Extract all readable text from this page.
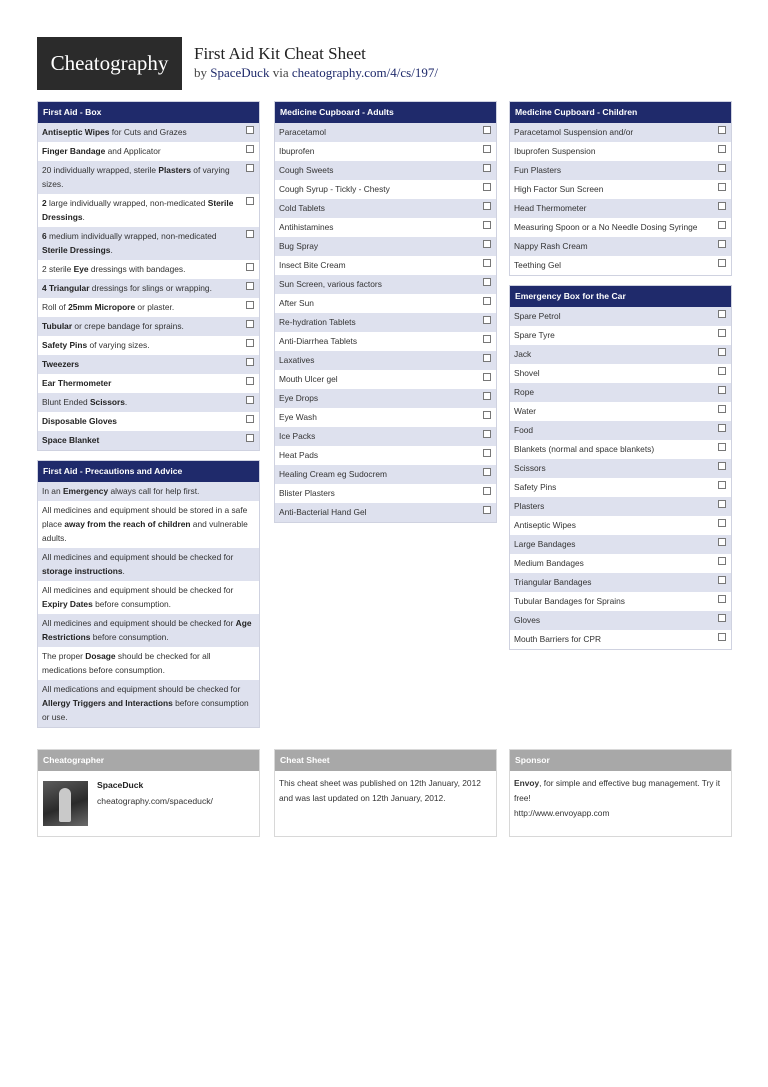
Cheatography	First Aid Kit Cheat Sheet
by SpaceDuck via cheatography.com/4/cs/197/
First Aid - Box
Antiseptic Wipes for Cuts and Grazes
Finger Bandage and Applicator
20 individually wrapped, sterile Plasters of varying sizes.
2 large individually wrapped, non-medicated Sterile Dressings.
6 medium individually wrapped, non-medicated Sterile Dressings.
2 sterile Eye dressings with bandages.
4 Triangular dressings for slings or wrapping.
Roll of 25mm Micropore or plaster.
Tubular or crepe bandage for sprains.
Safety Pins of varying sizes.
Tweezers
Ear Thermometer
Blunt Ended Scissors.
Disposable Gloves
Space Blanket
First Aid - Precautions and Advice
In an Emergency always call for help first.
All medicines and equipment should be stored in a safe place away from the reach of children and vulnerable adults.
All medicines and equipment should be checked for storage instructions.
All medicines and equipment should be checked for Expiry Dates before consumption.
All medicines and equipment should be checked for Age Restrictions before consumption.
The proper Dosage should be checked for all medications before consumption.
All medications and equipment should be checked for Allergy Triggers and Interactions before consumption or use.
Medicine Cupboard - Adults
Paracetamol
Ibuprofen
Cough Sweets
Cough Syrup - Tickly - Chesty
Cold Tablets
Antihistamines
Bug Spray
Insect Bite Cream
Sun Screen, various factors
After Sun
Re-hydration Tablets
Anti-Diarrhea Tablets
Laxatives
Mouth Ulcer gel
Eye Drops
Eye Wash
Ice Packs
Heat Pads
Healing Cream eg Sudocrem
Blister Plasters
Anti-Bacterial Hand Gel
Medicine Cupboard - Children
Paracetamol Suspension and/or
Ibuprofen Suspension
Fun Plasters
High Factor Sun Screen
Head Thermometer
Measuring Spoon or a No Needle Dosing Syringe
Nappy Rash Cream
Teething Gel
Emergency Box for the Car
Spare Petrol
Spare Tyre
Jack
Shovel
Rope
Water
Food
Blankets (normal and space blankets)
Scissors
Safety Pins
Plasters
Antiseptic Wipes
Large Bandages
Medium Bandages
Triangular Bandages
Tubular Bandages for Sprains
Gloves
Mouth Barriers for CPR
Cheatographer
SpaceDuck
cheatography.com/spaceduck/
Cheat Sheet
This cheat sheet was published on 12th January, 2012 and was last updated on 12th January, 2012.
Sponsor
Envoy, for simple and effective bug management. Try it free!
http://www.envoyapp.com
